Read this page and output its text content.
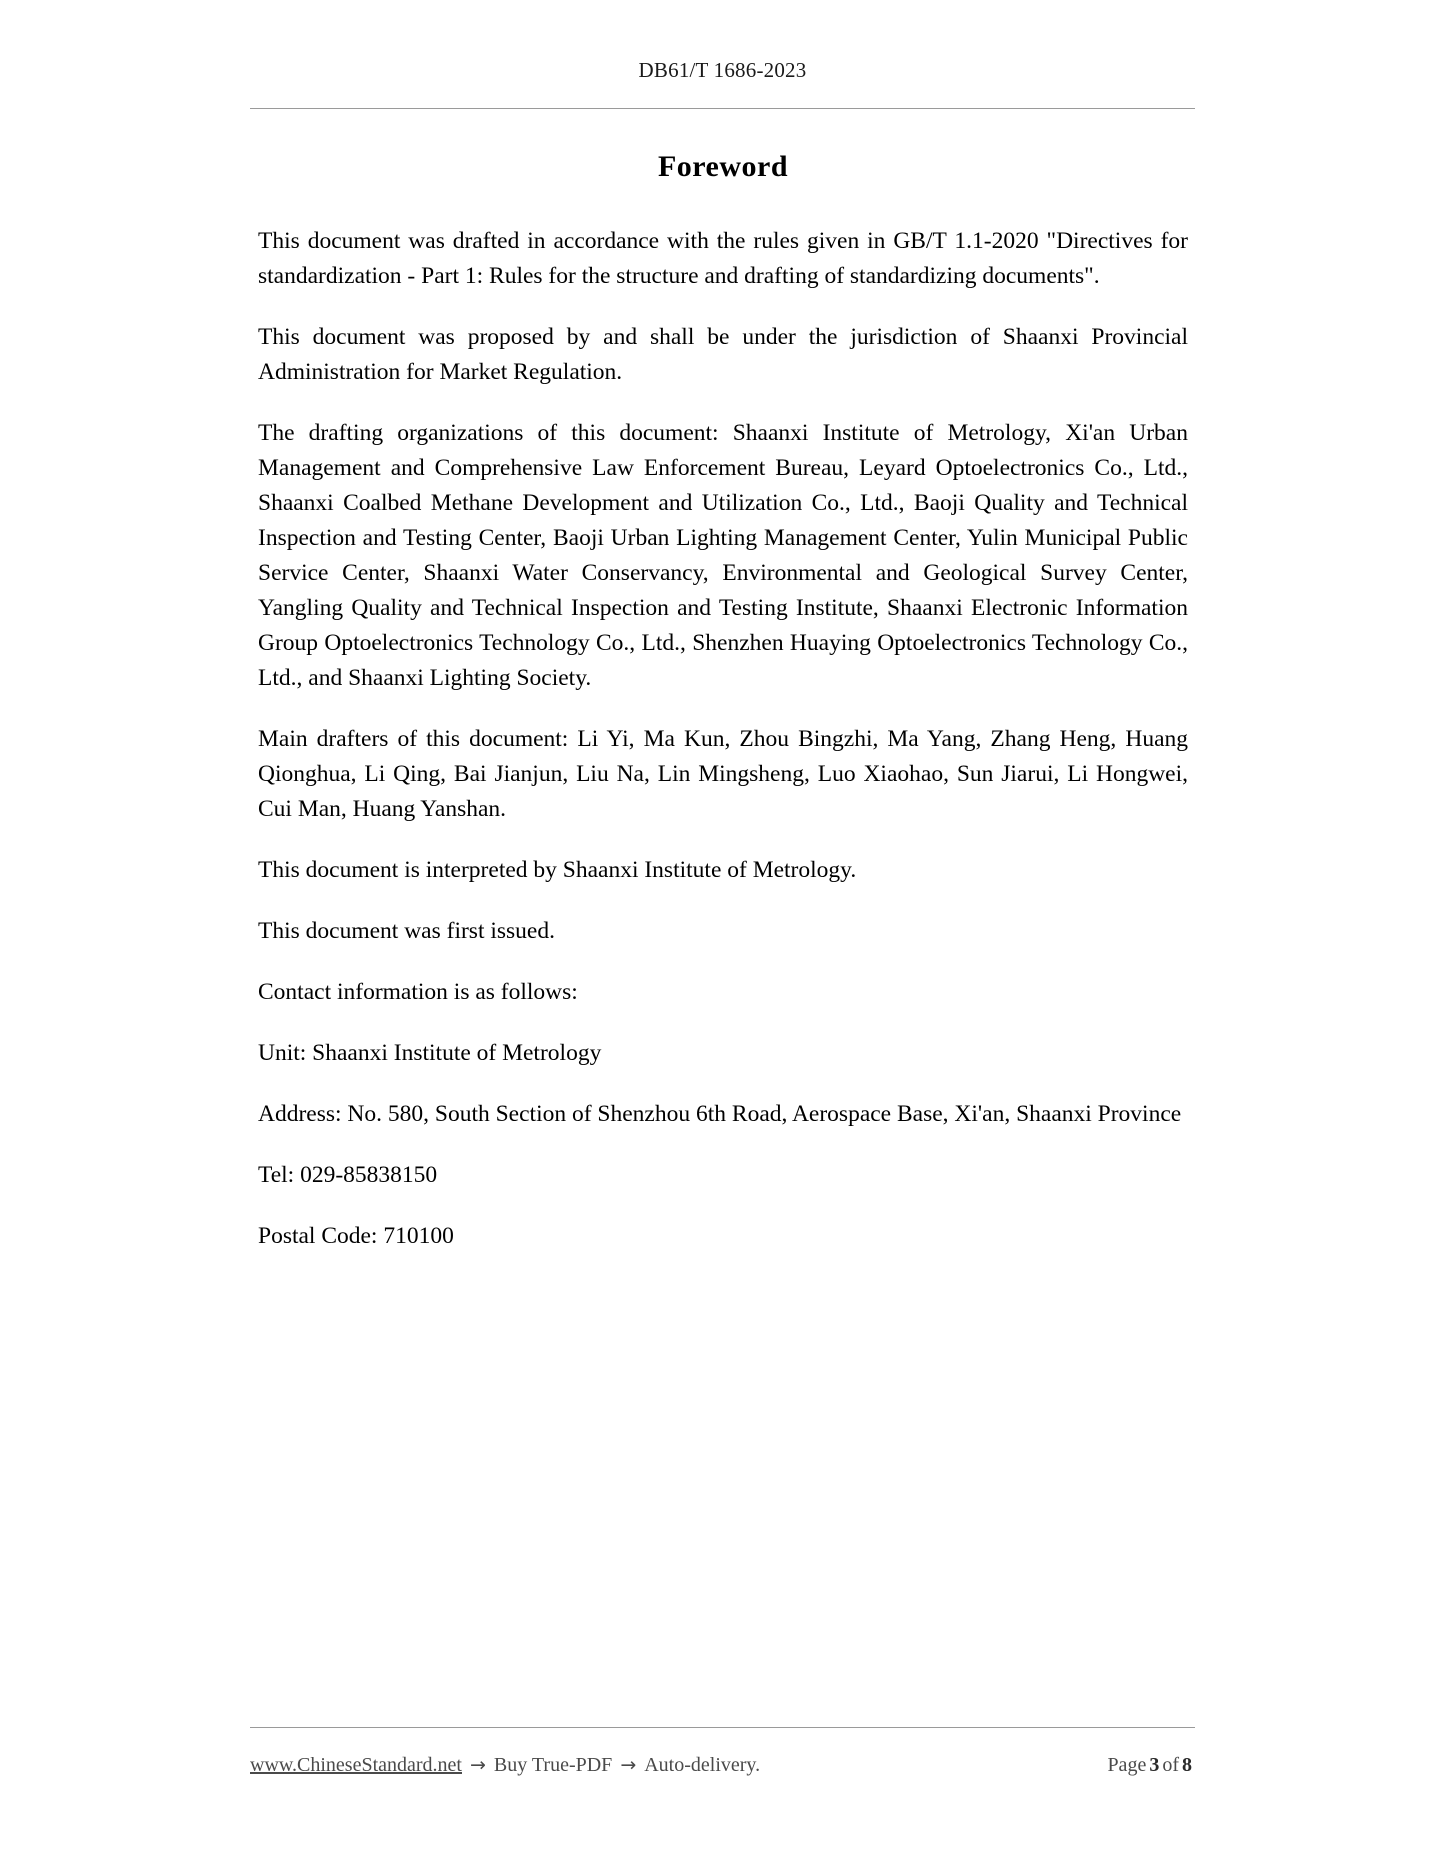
DB61/T 1686-2023
Foreword

This document was drafted in accordance with the rules given in GB/T 1.1-2020 "Directives for standardization - Part 1: Rules for the structure and drafting of standardizing documents".

This document was proposed by and shall be under the jurisdiction of Shaanxi Provincial Administration for Market Regulation.

The drafting organizations of this document: Shaanxi Institute of Metrology, Xi'an Urban Management and Comprehensive Law Enforcement Bureau, Leyard Optoelectronics Co., Ltd., Shaanxi Coalbed Methane Development and Utilization Co., Ltd., Baoji Quality and Technical Inspection and Testing Center, Baoji Urban Lighting Management Center, Yulin Municipal Public Service Center, Shaanxi Water Conservancy, Environmental and Geological Survey Center, Yangling Quality and Technical Inspection and Testing Institute, Shaanxi Electronic Information Group Optoelectronics Technology Co., Ltd., Shenzhen Huaying Optoelectronics Technology Co., Ltd., and Shaanxi Lighting Society.

Main drafters of this document: Li Yi, Ma Kun, Zhou Bingzhi, Ma Yang, Zhang Heng, Huang Qionghua, Li Qing, Bai Jianjun, Liu Na, Lin Mingsheng, Luo Xiaohao, Sun Jiarui, Li Hongwei, Cui Man, Huang Yanshan.

This document is interpreted by Shaanxi Institute of Metrology.

This document was first issued.

Contact information is as follows:

Unit: Shaanxi Institute of Metrology

Address: No. 580, South Section of Shenzhou 6th Road, Aerospace Base, Xi'an, Shaanxi Province

Tel: 029-85838150

Postal Code: 710100

www.ChineseStandard.net → Buy True-PDF → Auto-delivery.	Page 3 of 8
